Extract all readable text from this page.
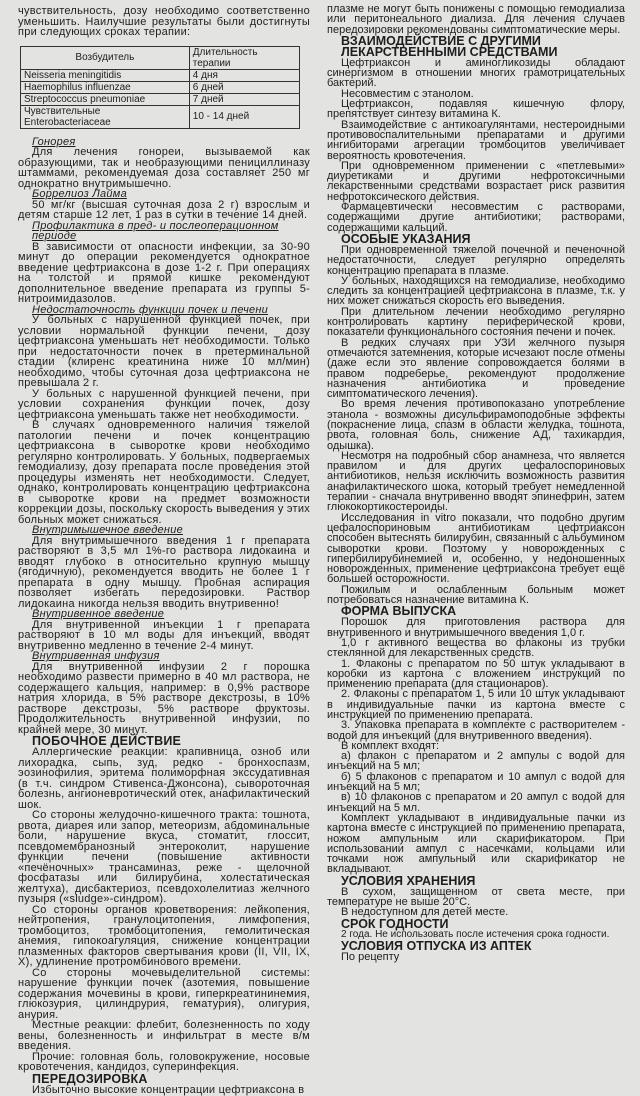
чувствительность, дозу необходимо соответственно уменьшить. Наилучшие результаты были достигнуты при следующих сроках терапии:

Возбудитель	Длительность терапии
Neisseria meningitidis	4 дня
Haemophilus influenzae	6 дней
Streptococcus pneumoniae	7 дней
Чувствительные Enterobacteriaceae	10 - 14 дней
Гонорея

Для лечения гонореи, вызываемой как образующими, так и необразующими пенициллиназу штаммами, рекомендуемая доза составляет 250 мг однократно внутримышечно.

Боррелиоз Лайма

50 мг/кг (высшая суточная доза 2 г) взрослым и детям старше 12 лет, 1 раз в сутки в течение 14 дней.

Профилактика в пред- и послеоперационном периоде

В зависимости от опасности инфекции, за 30-90 минут до операции рекомендуется однократное введение цефтриаксона в дозе 1-2 г. При операциях на толстой и прямой кишке рекомендуют дополнительное введение препарата из группы 5-нитроимидазолов.

Недостаточность функции почек и печени

У больных с нарушенной функцией почек, при условии нормальной функции печени, дозу цефтриаксона уменьшать нет необходимости. Только при недостаточности почек в претерминальной стадии (клиренс креатинина ниже 10 мл/мин) необходимо, чтобы суточная доза цефтриаксона не превышала 2 г.

У больных с нарушенной функцией печени, при условии сохранения функции почек, дозу цефтриаксона уменьшать также нет необходимости.

В случаях одновременного наличия тяжелой патологии печени и почек концентрацию цефтриаксона в сыворотке крови необходимо регулярно контролировать. У больных, подвергаемых гемодиализу, дозу препарата после проведения этой процедуры изменять нет необходимости. Следует, однако, контролировать концентрацию цефтриаксона в сыворотке крови на предмет возможности коррекции дозы, поскольку скорость выведения у этих больных может снижаться.

Внутримышечное введение

Для внутримышечного введения 1 г препарата растворяют в 3,5 мл 1%-го раствора лидокаина и вводят глубоко в относительно крупную мышцу (ягодичную), рекомендуется вводить не более 1 г препарата в одну мышцу. Пробная аспирация позволяет избегать передозировки. Раствор лидокаина никогда нельзя вводить внутривенно!

Внутривенное введение

Для внутривенной инъекции 1 г препарата растворяют в 10 мл воды для инъекций, вводят внутривенно медленно в течение 2-4 минут.

Внутривенная инфузия

Для внутривенной инфузии 2 г порошка необходимо развести примерно в 40 мл раствора, не содержащего кальция, например: в 0,9% растворе натрия хлорида, в 5% растворе декстрозы, в 10% растворе декстрозы, 5% растворе фруктозы. Продолжительность внутривенной инфузии, по крайней мере, 30 минут.

ПОБОЧНОЕ ДЕЙСТВИЕ

Аллергические реакции: крапивница, озноб или лихорадка, сыпь, зуд, редко - бронхоспазм, эозинофилия, эритема полиморфная экссудативная (в т.ч. синдром Стивенса-Джонсона), сывороточная болезнь, ангионевротический отек, анафилактический шок.

Со стороны желудочно-кишечного тракта: тошнота, рвота, диарея или запор, метеоризм, абдоминальные боли, нарушение вкуса, стоматит, глоссит, псевдомембранозный энтероколит, нарушение функции печени (повышение активности «печёночных» трансаминаз, реже - щелочной фосфатазы или билирубина, холестатическая желтуха), дисбактериоз, псевдохолелитиаз желчного пузыря («sludge»-синдром).

Со стороны органов кроветворения: лейкопения, нейтропения, гранулоцитопения, лимфопения, тромбоцитоз, тромбоцитопения, гемолитическая анемия, гипокоагуляция, снижение концентрации плазменных факторов свертывания крови (II, VII, IX, X), удлинение протромбинового времени.

Со стороны мочевыделительной системы: нарушение функции почек (азотемия, повышение содержания мочевины в крови, гиперкреатининемия, глюкозурия, цилиндрурия, гематурия), олигурия, анурия.

Местные реакции: флебит, болезненность по ходу вены, болезненность и инфильтрат в месте в/м введения.

Прочие: головная боль, головокружение, носовые кровотечения, кандидоз, суперинфекция.

ПЕРЕДОЗИРОВКА

Избыточно высокие концентрации цефтриаксона в

плазме не могут быть понижены с помощью гемодиализа или перитонеального диализа. Для лечения случаев передозировки рекомендованы симптоматические меры.

ВЗАИМОДЕЙСТВИЕ С ДРУГИМИ ЛЕКАРСТВЕННЫМИ СРЕДСТВАМИ

Цефтриаксон и аминогликозиды обладают синергизмом в отношении многих грамотрицательных бактерий.

Несовместим с этанолом.

Цефтриаксон, подавляя кишечную флору, препятствует синтезу витамина К.

Взаимодействие с антикоагулянтами, нестероидными противовоспалительными препаратами и другими ингибиторами агрегации тромбоцитов увеличивает вероятность кровотечения.

При одновременном применении с «петлевыми» диуретиками и другими нефротоксичными лекарственными средствами возрастает риск развития нефротоксического действия.

Фармацевтически несовместим с растворами, содержащими другие антибиотики; растворами, содержащими кальций.

ОСОБЫЕ УКАЗАНИЯ

При одновременной тяжелой почечной и печеночной недостаточности, следует регулярно определять концентрацию препарата в плазме.

У больных, находящихся на гемодиализе, необходимо следить за концентрацией цефтриаксона в плазме, т.к. у них может снижаться скорость его выведения.

При длительном лечении необходимо регулярно контролировать картину периферической крови, показатели функционального состояния печени и почек.

В редких случаях при УЗИ желчного пузыря отмечаются затемнения, которые исчезают после отмены (даже если это явление сопровождается болями в правом подреберье, рекомендуют продолжение назначения антибиотика и проведение симптоматического лечения).

Во время лечения противопоказано употребление этанола - возможны дисульфирамоподобные эффекты (покраснение лица, спазм в области желудка, тошнота, рвота, головная боль, снижение АД, тахикардия, одышка).

Несмотря на подробный сбор анамнеза, что является правилом и для других цефалоспориновых антибиотиков, нельзя исключить возможность развития анафилактического шока, который требует немедленной терапии - сначала внутривенно вводят эпинефрин, затем глюкокортикостероиды.

Исследования in vitro показали, что подобно другим цефалоспориновым антибиотикам цефтриаксон способен вытеснять билирубин, связанный с альбумином сыворотки крови. Поэтому у новорожденных с гипербилирубинемией и, особенно, у недоношенных новорожденных, применение цефтриаксона требует ещё большей осторожности.

Пожилым и ослабленным больным может потребоваться назначение витамина К.

ФОРМА ВЫПУСКА

Порошок для приготовления раствора для внутривенного и внутримышечного введения 1,0 г.

1,0 г активного вещества во флаконы из трубки стеклянной для лекарственных средств.

1. Флаконы с препаратом по 50 штук укладывают в коробки из картона с вложением инструкций по применению препарата (для стационаров).

2. Флаконы с препаратом 1, 5 или 10 штук укладывают в индивидуальные пачки из картона вместе с инструкцией по применению препарата.

3. Упаковка препарата в комплекте с растворителем - водой для инъекций (для внутривенного введения).

В комплект входят:

а) флакон с препаратом и 2 ампулы с водой для инъекций на 5 мл;

б) 5 флаконов с препаратом и 10 ампул с водой для инъекций на 5 мл;

в) 10 флаконов с препаратом и 20 ампул с водой для инъекций на 5 мл.

Комплект укладывают в индивидуальные пачки из картона вместе с инструкцией по применению препарата, ножом ампульным или скарификатором. При использовании ампул с насечками, кольцами или точками нож ампульный или скарификатор не вкладывают.

УСЛОВИЯ ХРАНЕНИЯ

В сухом, защищенном от света месте, при температуре не выше 20°С.

В недоступном для детей месте.

СРОК ГОДНОСТИ

2 года. Не использовать после истечения срока годности.

УСЛОВИЯ ОТПУСКА ИЗ АПТЕК

По рецепту
